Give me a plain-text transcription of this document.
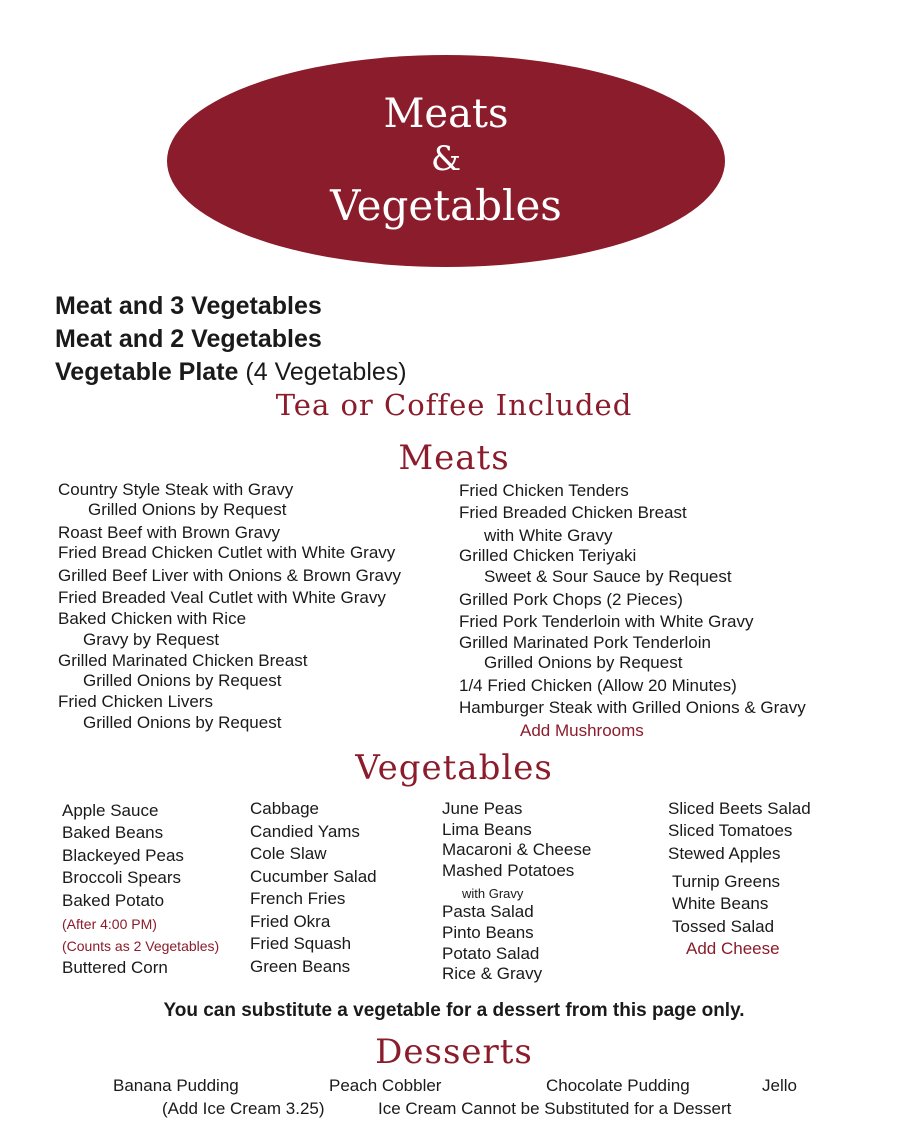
Meats
&
Vegetables
Meat and 3 Vegetables
Meat and 2 Vegetables
Vegetable Plate (4 Vegetables)
Tea or Coffee Included
Meats
Country Style Steak with Gravy
Grilled Onions by Request
Roast Beef with Brown Gravy
Fried Bread Chicken Cutlet with White Gravy
Grilled Beef Liver with Onions & Brown Gravy
Fried Breaded Veal Cutlet with White Gravy
Baked Chicken with Rice
Gravy by Request
Grilled Marinated Chicken Breast
Grilled Onions by Request
Fried Chicken Livers
Grilled Onions by Request
Fried Chicken Tenders
Fried Breaded Chicken Breast
with White Gravy
Grilled Chicken Teriyaki
Sweet & Sour Sauce by Request
Grilled Pork Chops (2 Pieces)
Fried Pork Tenderloin with White Gravy
Grilled Marinated Pork Tenderloin
Grilled Onions by Request
1/4 Fried Chicken (Allow 20 Minutes)
Hamburger Steak with Grilled Onions & Gravy
Add Mushrooms
Vegetables
Apple Sauce
Baked Beans
Blackeyed Peas
Broccoli Spears
Baked Potato
(After 4:00 PM)
(Counts as 2 Vegetables)
Buttered Corn
Cabbage
Candied Yams
Cole Slaw
Cucumber Salad
French Fries
Fried Okra
Fried Squash
Green Beans
June Peas
Lima Beans
Macaroni & Cheese
Mashed Potatoes
with Gravy
Pasta Salad
Pinto Beans
Potato Salad
Rice & Gravy
Sliced Beets Salad
Sliced Tomatoes
Stewed Apples
Turnip Greens
White Beans
Tossed Salad
Add Cheese
You can substitute a vegetable for a dessert from this page only.
Desserts
Banana Pudding	Peach Cobbler	Chocolate Pudding	Jello
(Add Ice Cream 3.25)	Ice Cream Cannot be Substituted for a Dessert
